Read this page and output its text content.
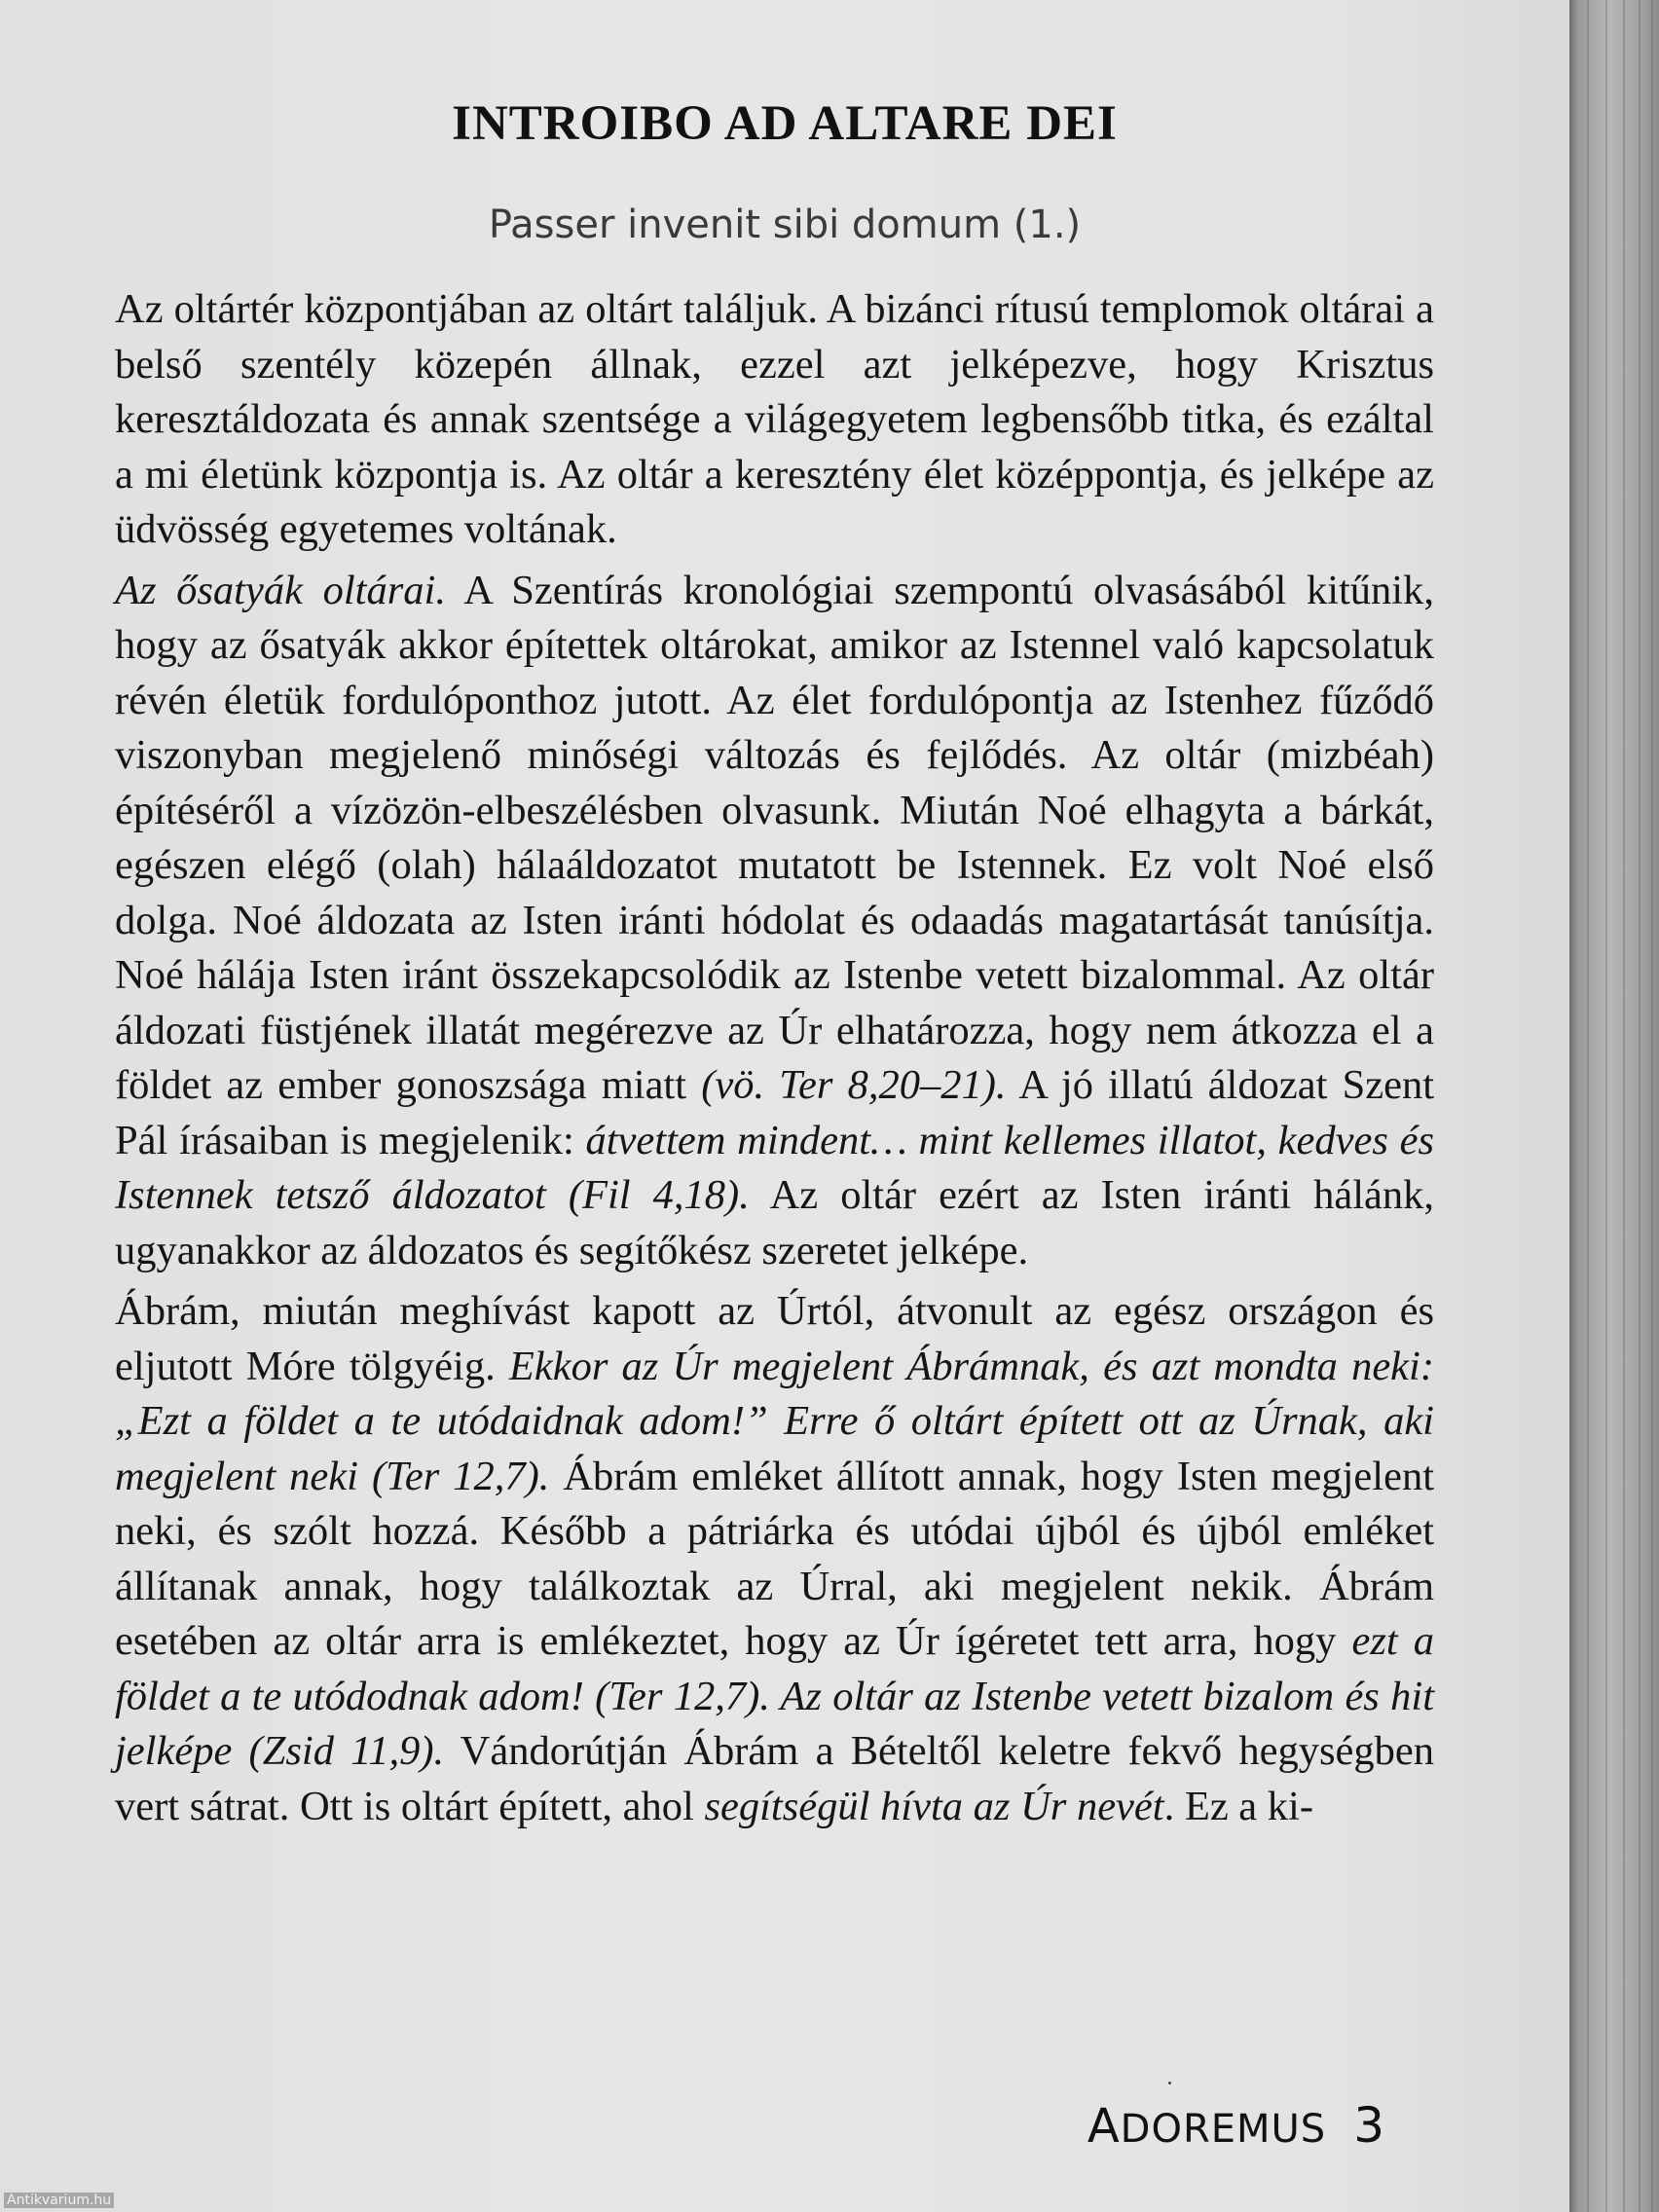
INTROIBO AD ALTARE DEI
Passer invenit sibi domum (1.)

Az oltártér központjában az oltárt találjuk. A bizánci rítusú templomok oltárai a belső szentély közepén állnak, ezzel azt jelképezve, hogy Krisztus keresztáldozata és annak szentsége a világegyetem legbensőbb titka, és ezáltal a mi életünk központja is. Az oltár a keresztény élet középpontja, és jelképe az üdvösség egyetemes voltának.

Az ősatyák oltárai. A Szentírás kronológiai szempontú olvasásából kitűnik, hogy az ősatyák akkor építettek oltárokat, amikor az Istennel való kapcsolatuk révén életük fordulóponthoz jutott. Az élet fordulópontja az Istenhez fűződő viszonyban megjelenő minőségi változás és fejlődés. Az oltár (mizbéah) építéséről a vízözön-elbeszélésben olvasunk. Miután Noé elhagyta a bárkát, egészen elégő (olah) hálaáldozatot mutatott be Istennek. Ez volt Noé első dolga. Noé áldozata az Isten iránti hódolat és odaadás magatartását tanúsítja. Noé hálája Isten iránt összekapcsolódik az Istenbe vetett bizalommal. Az oltár áldozati füstjének illatát megérezve az Úr elhatározza, hogy nem átkozza el a földet az ember gonoszsága miatt (vö. Ter 8,20–21). A jó illatú áldozat Szent Pál írásaiban is megjelenik: átvettem mindent… mint kellemes illatot, kedves és Istennek tetsző áldozatot (Fil 4,18). Az oltár ezért az Isten iránti hálánk, ugyanakkor az áldozatos és segítőkész szeretet jelképe.

Ábrám, miután meghívást kapott az Úrtól, átvonult az egész országon és eljutott Móre tölgyéig. Ekkor az Úr megjelent Ábrámnak, és azt mondta neki: „Ezt a földet a te utódaidnak adom!” Erre ő oltárt épített ott az Úrnak, aki megjelent neki (Ter 12,7). Ábrám emléket állított annak, hogy Isten megjelent neki, és szólt hozzá. Később a pátriárka és utódai újból és újból emléket állítanak annak, hogy találkoztak az Úrral, aki megjelent nekik. Ábrám esetében az oltár arra is emlékeztet, hogy az Úr ígéretet tett arra, hogy ezt a földet a te utódodnak adom! (Ter 12,7). Az oltár az Istenbe vetett bizalom és hit jelképe (Zsid 11,9). Vándorútján Ábrám a Bételtől keletre fekvő hegységben vert sátrat. Ott is oltárt épített, ahol segítségül hívta az Úr nevét. Ez a ki-

ADOREMUS 3
Antikvarium.hu
